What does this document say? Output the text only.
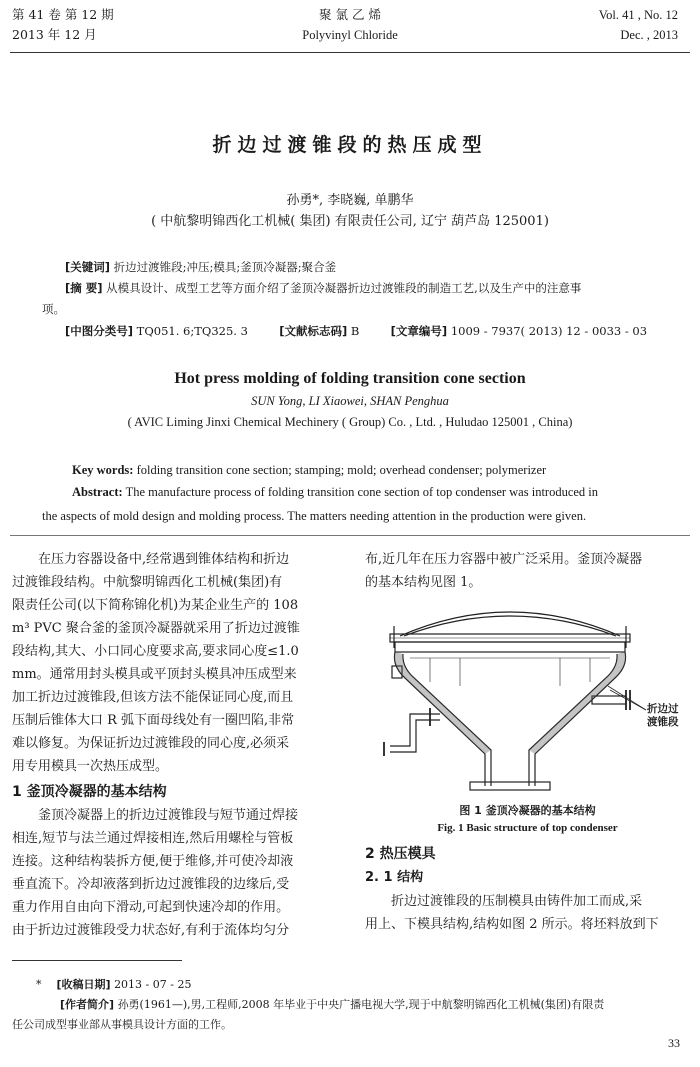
第 41 卷 第 12 期
2013 年 12 月
聚 氯 乙 烯
Polyvinyl Chloride
Vol. 41 , No. 12
Dec. , 2013
折边过渡锥段的热压成型
孙勇*, 李晓巍, 单鹏华
( 中航黎明锦西化工机械( 集团) 有限责任公司, 辽宁 葫芦岛 125001)
[关键词] 折边过渡锥段;冲压;模具;釜顶冷凝器;聚合釜
[摘 要] 从模具设计、成型工艺等方面介绍了釜顶冷凝器折边过渡锥段的制造工艺,以及生产中的注意事
项。
[中图分类号] TQ051. 6;TQ325. 3	[文献标志码] B	[文章编号] 1009 - 7937( 2013) 12 - 0033 - 03
Hot press molding of folding transition cone section
SUN Yong, LI Xiaowei, SHAN Penghua
( AVIC Liming Jinxi Chemical Mechinery ( Group) Co. , Ltd. , Huludao 125001 , China)
Key words: folding transition cone section; stamping; mold; overhead condenser; polymerizer
Abstract: The manufacture process of folding transition cone section of top condenser was introduced in
the aspects of mold design and molding process. The matters needing attention in the production were given.
在压力容器设备中,经常遇到锥体结构和折边
过渡锥段结构。中航黎明锦西化工机械(集团)有
限责任公司(以下简称锦化机)为某企业生产的 108
m³ PVC 聚合釜的釜顶冷凝器就采用了折边过渡锥
段结构,其大、小口同心度要求高,要求同心度≤1.0
mm。通常用封头模具或平顶封头模具冲压成型来
加工折边过渡锥段,但该方法不能保证同心度,而且
压制后锥体大口 R 弧下面母线处有一圈凹陷,非常
难以修复。为保证折边过渡锥段的同心度,必须采
用专用模具一次热压成型。
1 釜顶冷凝器的基本结构
釜顶冷凝器上的折边过渡锥段与短节通过焊接
相连,短节与法兰通过焊接相连,然后用螺栓与管板
连接。这种结构装拆方便,便于维修,并可使冷却液
垂直流下。冷却液落到折边过渡锥段的边缘后,受
重力作用自由向下滑动,可起到快速冷却的作用。
由于折边过渡锥段受力状态好,有利于流体均匀分
布,近几年在压力容器中被广泛采用。釜顶冷凝器
的基本结构见图 1。
折边过
渡锥段
图 1 釜顶冷凝器的基本结构
Fig. 1 Basic structure of top condenser
2 热压模具
2. 1 结构
折边过渡锥段的压制模具由铸件加工而成,采
用上、下模具结构,结构如图 2 所示。将坯料放到下
* [收稿日期] 2013 - 07 - 25
[作者简介] 孙勇(1961—),男,工程师,2008 年毕业于中央广播电视大学,现于中航黎明锦西化工机械(集团)有限责
任公司成型事业部从事模具设计方面的工作。
33
